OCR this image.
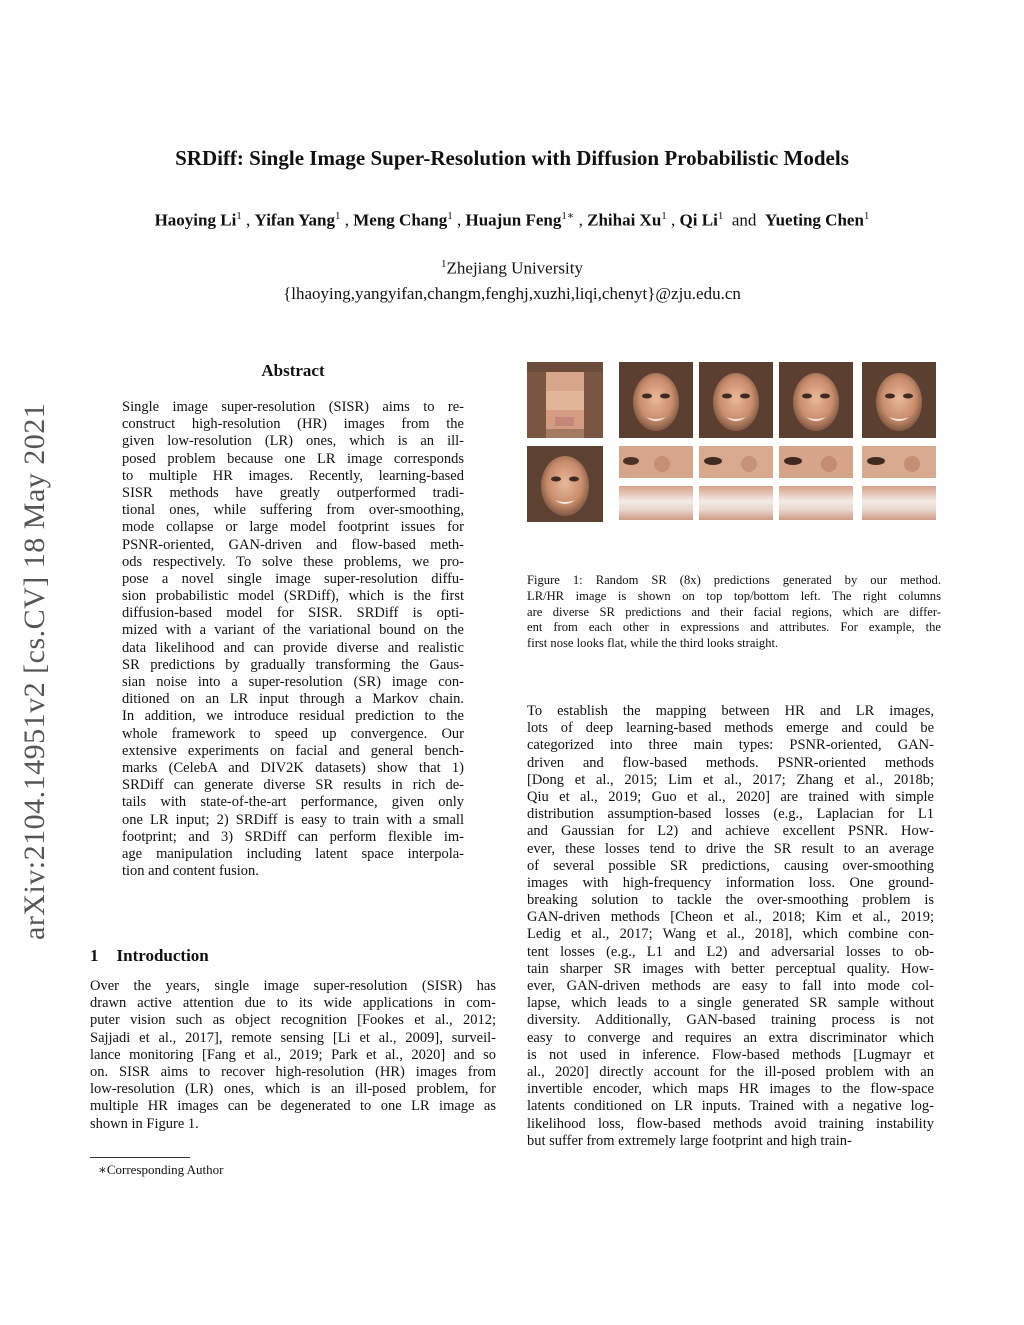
SRDiff: Single Image Super-Resolution with Diffusion Probabilistic Models
Haoying Li$^1$ , Yifan Yang$^1$ , Meng Chang$^1$ , Huajun Feng$^{1∗}$ , Zhihai Xu$^1$ , Qi Li$^1$ and Yueting Chen$^1$
$^1$Zhejiang University
{lhaoying,yangyifan,changm,fenghj,xuzhi,liqi,chenyt}@zju.edu.cn
arXiv:2104.14951v2 [cs.CV] 18 May 2021
Abstract
Single image super-resolution (SISR) aims to re-
construct high-resolution (HR) images from the
given low-resolution (LR) ones, which is an ill-
posed problem because one LR image corresponds
to multiple HR images. Recently, learning-based
SISR methods have greatly outperformed tradi-
tional ones, while suffering from over-smoothing,
mode collapse or large model footprint issues for
PSNR-oriented, GAN-driven and flow-based meth-
ods respectively. To solve these problems, we pro-
pose a novel single image super-resolution diffu-
sion probabilistic model (SRDiff), which is the first
diffusion-based model for SISR. SRDiff is opti-
mized with a variant of the variational bound on the
data likelihood and can provide diverse and realistic
SR predictions by gradually transforming the Gaus-
sian noise into a super-resolution (SR) image con-
ditioned on an LR input through a Markov chain.
In addition, we introduce residual prediction to the
whole framework to speed up convergence. Our
extensive experiments on facial and general bench-
marks (CelebA and DIV2K datasets) show that 1)
SRDiff can generate diverse SR results in rich de-
tails with state-of-the-art performance, given only
one LR input; 2) SRDiff is easy to train with a small
footprint; and 3) SRDiff can perform flexible im-
age manipulation including latent space interpola-
tion and content fusion.
1 Introduction
Over the years, single image super-resolution (SISR) has
drawn active attention due to its wide applications in com-
puter vision such as object recognition [Fookes et al., 2012;
Sajjadi et al., 2017], remote sensing [Li et al., 2009], surveil-
lance monitoring [Fang et al., 2019; Park et al., 2020] and so
on. SISR aims to recover high-resolution (HR) images from
low-resolution (LR) ones, which is an ill-posed problem, for
multiple HR images can be degenerated to one LR image as
shown in Figure 1.
∗Corresponding Author
Figure 1: Random SR (8x) predictions generated by our method.
LR/HR image is shown on top top/bottom left. The right columns
are diverse SR predictions and their facial regions, which are differ-
ent from each other in expressions and attributes. For example, the
first nose looks flat, while the third looks straight.
To establish the mapping between HR and LR images,
lots of deep learning-based methods emerge and could be
categorized into three main types: PSNR-oriented, GAN-
driven and flow-based methods. PSNR-oriented methods
[Dong et al., 2015; Lim et al., 2017; Zhang et al., 2018b;
Qiu et al., 2019; Guo et al., 2020] are trained with simple
distribution assumption-based losses (e.g., Laplacian for L1
and Gaussian for L2) and achieve excellent PSNR. How-
ever, these losses tend to drive the SR result to an average
of several possible SR predictions, causing over-smoothing
images with high-frequency information loss. One ground-
breaking solution to tackle the over-smoothing problem is
GAN-driven methods [Cheon et al., 2018; Kim et al., 2019;
Ledig et al., 2017; Wang et al., 2018], which combine con-
tent losses (e.g., L1 and L2) and adversarial losses to ob-
tain sharper SR images with better perceptual quality. How-
ever, GAN-driven methods are easy to fall into mode col-
lapse, which leads to a single generated SR sample without
diversity. Additionally, GAN-based training process is not
easy to converge and requires an extra discriminator which
is not used in inference. Flow-based methods [Lugmayr et
al., 2020] directly account for the ill-posed problem with an
invertible encoder, which maps HR images to the flow-space
latents conditioned on LR inputs. Trained with a negative log-
likelihood loss, flow-based methods avoid training instability
but suffer from extremely large footprint and high train-
